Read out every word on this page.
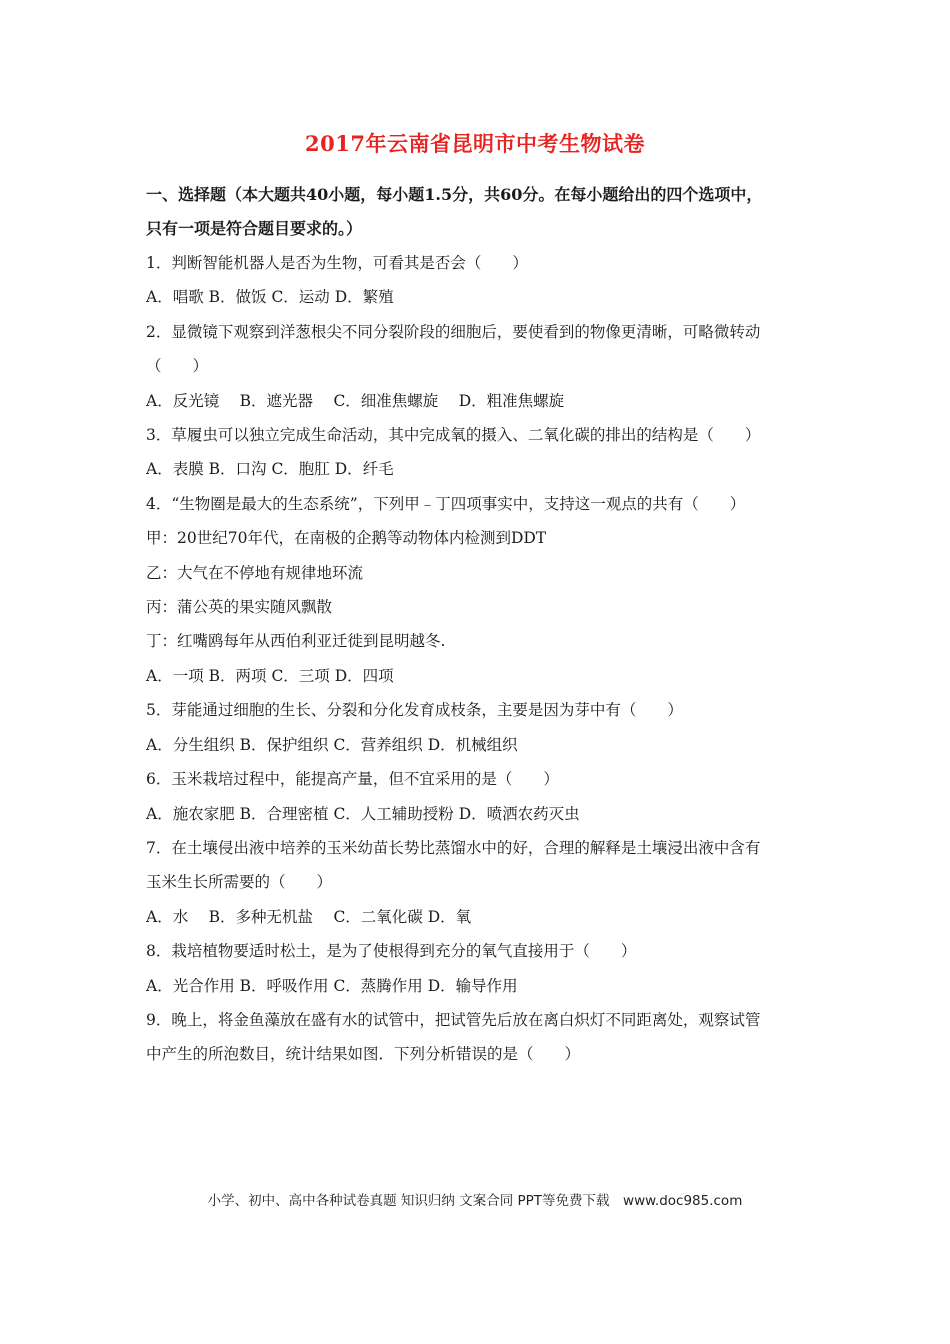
2017年云南省昆明市中考生物试卷

一、选择题（本大题共40小题，每小题1.5分，共60分。在每小题给出的四个选项中，

只有一项是符合题目要求的。）

1．判断智能机器人是否为生物，可看其是否会（　　）

A．唱歌 B．做饭 C．运动 D．繁殖

2．显微镜下观察到洋葱根尖不同分裂阶段的细胞后，要使看到的物像更清晰，可略微转动

（　　）

A．反光镜　 B．遮光器　 C．细准焦螺旋　 D．粗准焦螺旋

3．草履虫可以独立完成生命活动，其中完成氧的摄入、二氧化碳的排出的结构是（　　）

A．表膜 B．口沟 C．胞肛 D．纤毛

4．“生物圈是最大的生态系统”，下列甲﹣丁四项事实中，支持这一观点的共有（　　）

甲：20世纪70年代，在南极的企鹅等动物体内检测到DDT

乙：大气在不停地有规律地环流

丙：蒲公英的果实随风飘散

丁：红嘴鸥每年从西伯利亚迁徙到昆明越冬.

A．一项 B．两项 C．三项 D．四项

5．芽能通过细胞的生长、分裂和分化发育成枝条，主要是因为芽中有（　　）

A．分生组织 B．保护组织 C．营养组织 D．机械组织

6．玉米栽培过程中，能提高产量，但不宜采用的是（　　）

A．施农家肥 B．合理密植 C．人工辅助授粉 D．喷洒农药灭虫

7．在土壤侵出液中培养的玉米幼苗长势比蒸馏水中的好，合理的解释是土壤浸出液中含有

玉米生长所需要的（　　）

A．水　 B．多种无机盐　 C．二氧化碳 D．氧

8．栽培植物要适时松土，是为了使根得到充分的氧气直接用于（　　）

A．光合作用 B．呼吸作用 C．蒸腾作用 D．输导作用

9．晚上，将金鱼藻放在盛有水的试管中，把试管先后放在离白炽灯不同距离处，观察试管

中产生的所泡数目，统计结果如图．下列分析错误的是（　　）

小学、初中、高中各种试卷真题 知识归纳 文案合同 PPT等免费下载　www.doc985.com
